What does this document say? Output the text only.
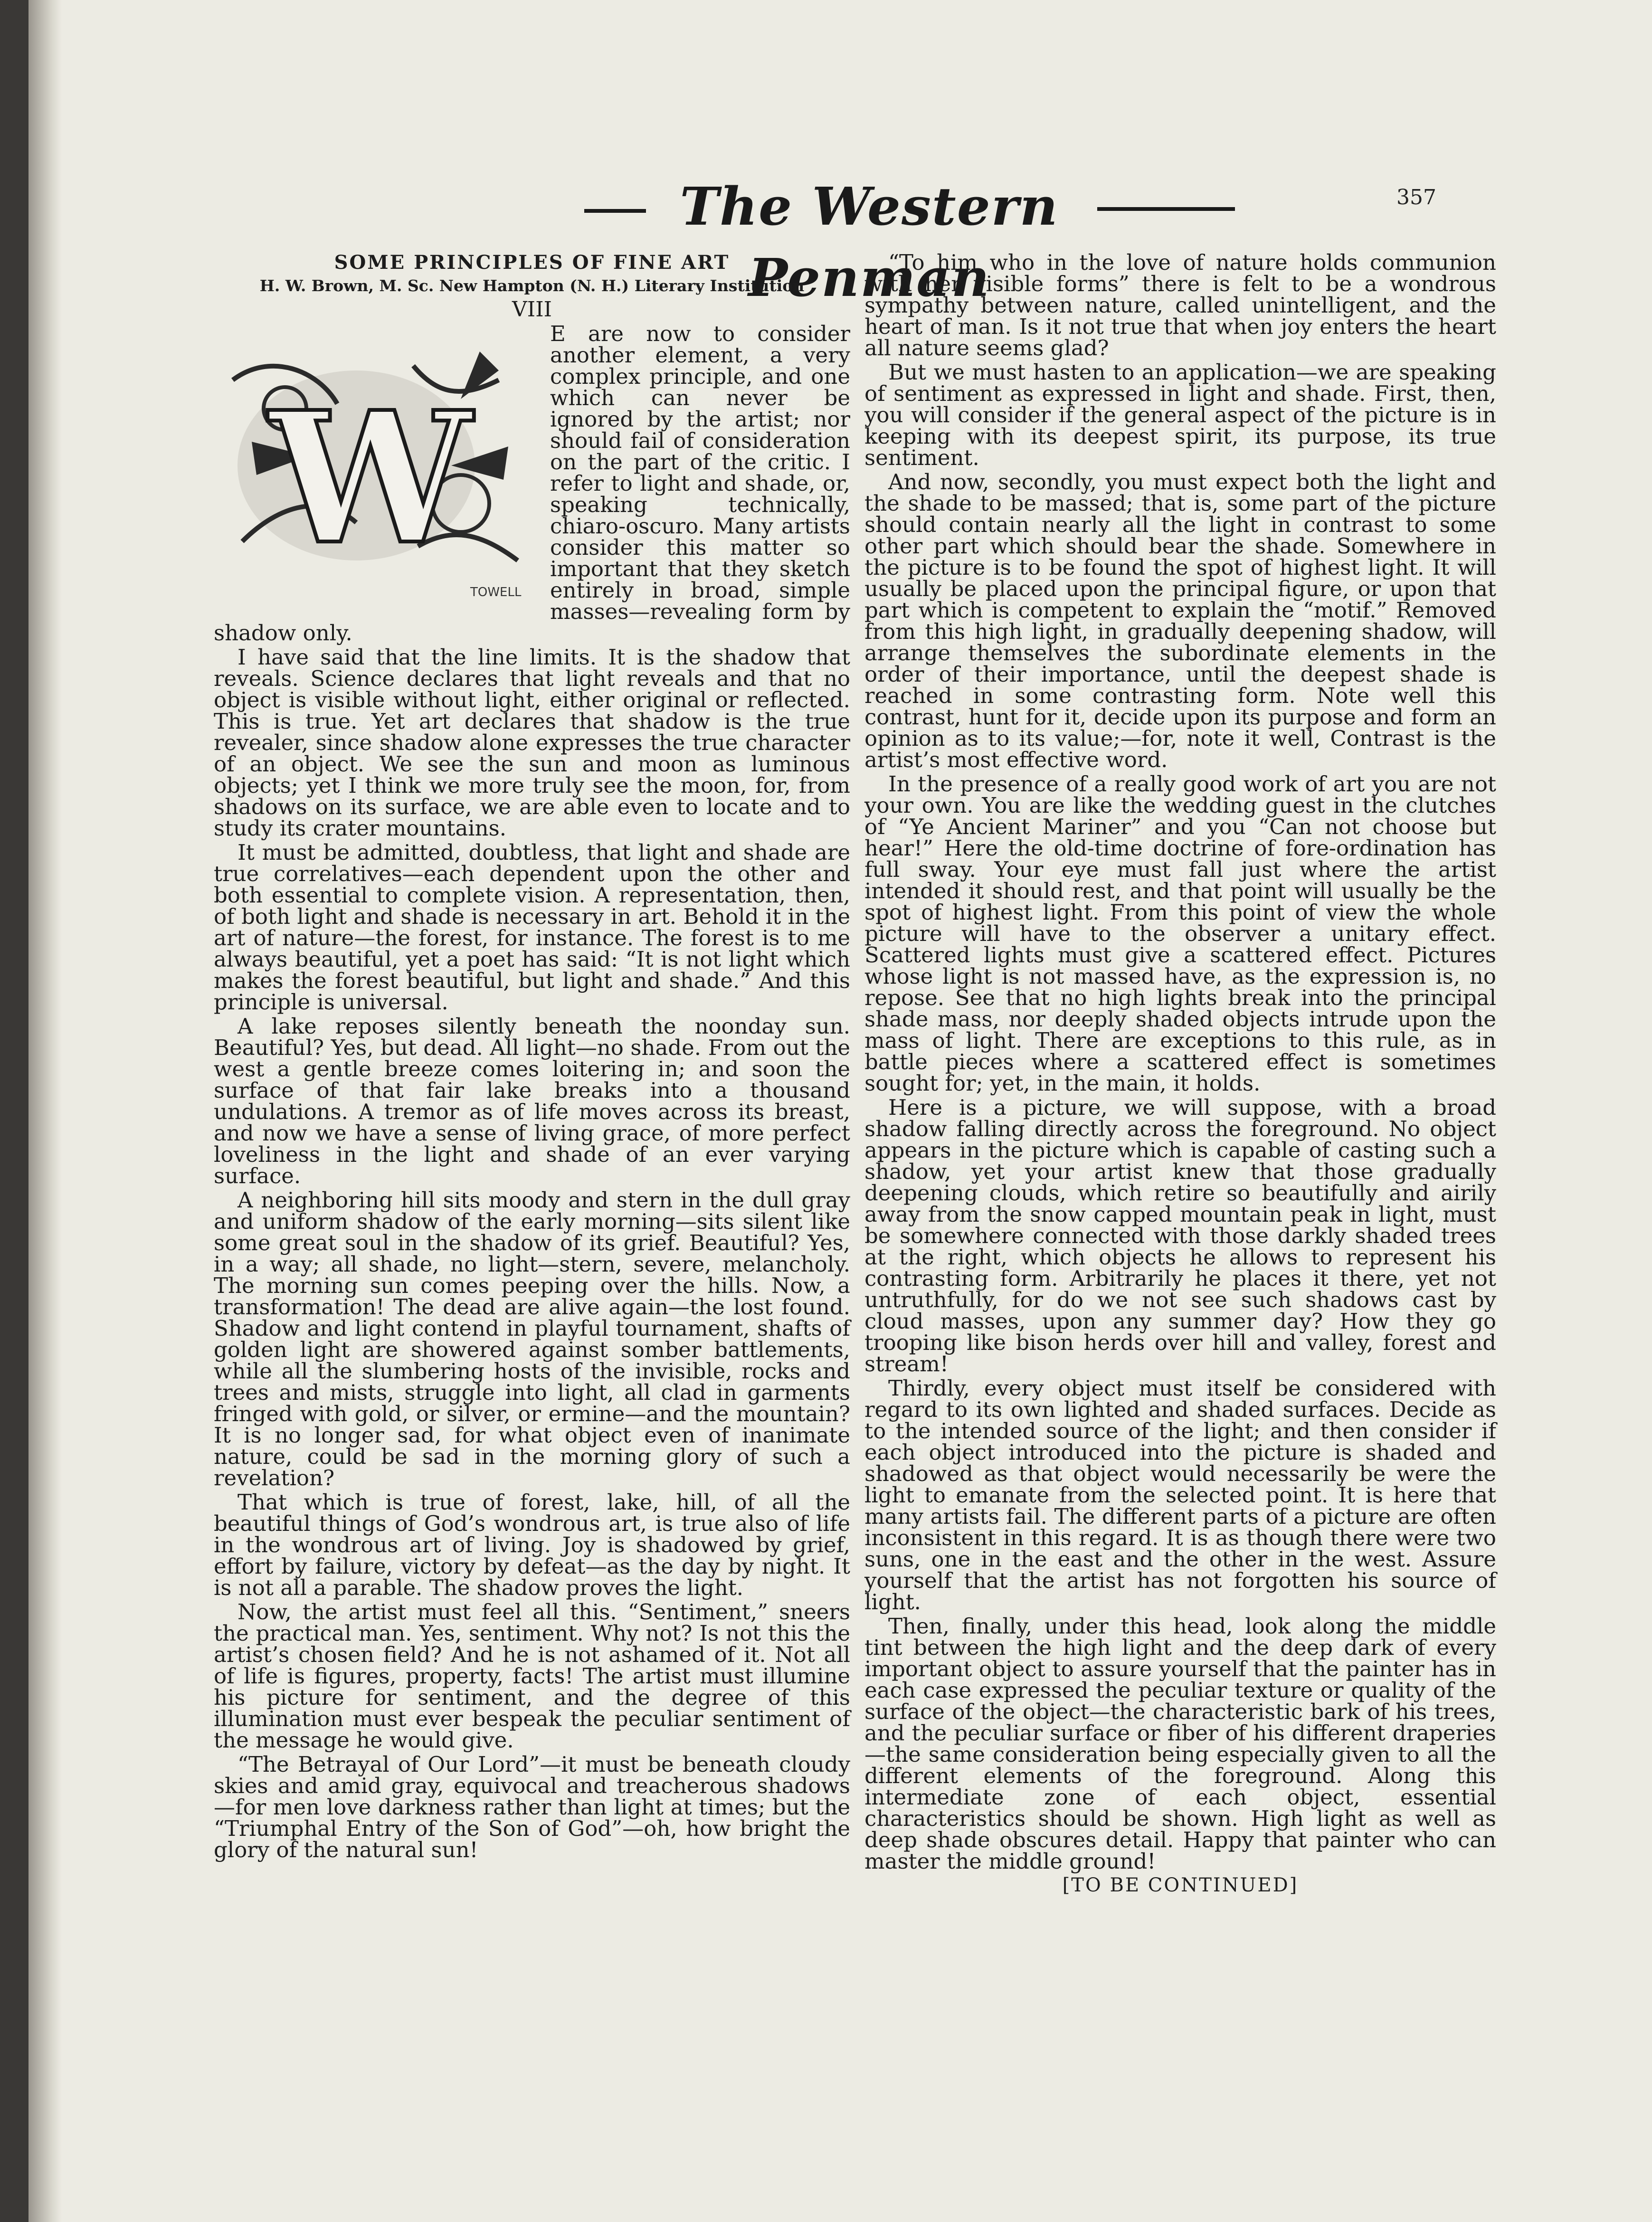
The Western Penman
357

SOME PRINCIPLES OF FINE ART

H. W. Brown, M. Sc. New Hampton (N. H.) Literary Institution

VIII

W
TOWELL

E are now to consider another element, a very complex principle, and one which can never be ignored by the artist; nor should fail of consideration on the part of the critic. I refer to light and shade, or, speaking technically, chiaro-oscuro. Many artists consider this matter so important that they sketch entirely in broad, simple masses—revealing form by shadow only.

I have said that the line limits. It is the shadow that reveals. Science declares that light reveals and that no object is visible without light, either original or reflected. This is true. Yet art declares that shadow is the true revealer, since shadow alone expresses the true character of an object. We see the sun and moon as luminous objects; yet I think we more truly see the moon, for, from shadows on its surface, we are able even to locate and to study its crater mountains.

It must be admitted, doubtless, that light and shade are true correlatives—each dependent upon the other and both essential to complete vision. A representation, then, of both light and shade is necessary in art. Behold it in the art of nature—the forest, for instance. The forest is to me always beautiful, yet a poet has said: “It is not light which makes the forest beautiful, but light and shade.” And this principle is universal.

A lake reposes silently beneath the noonday sun. Beautiful? Yes, but dead. All light—no shade. From out the west a gentle breeze comes loitering in; and soon the surface of that fair lake breaks into a thousand undulations. A tremor as of life moves across its breast, and now we have a sense of living grace, of more perfect loveliness in the light and shade of an ever varying surface.

A neighboring hill sits moody and stern in the dull gray and uniform shadow of the early morning—sits silent like some great soul in the shadow of its grief. Beautiful? Yes, in a way; all shade, no light—stern, severe, melancholy. The morning sun comes peeping over the hills. Now, a transformation! The dead are alive again—the lost found. Shadow and light contend in playful tournament, shafts of golden light are showered against somber battlements, while all the slumbering hosts of the invisible, rocks and trees and mists, struggle into light, all clad in garments fringed with gold, or silver, or ermine—and the mountain? It is no longer sad, for what object even of inanimate nature, could be sad in the morning glory of such a revelation?

That which is true of forest, lake, hill, of all the beautiful things of God’s wondrous art, is true also of life in the wondrous art of living. Joy is shadowed by grief, effort by failure, victory by defeat—as the day by night. It is not all a parable. The shadow proves the light.

Now, the artist must feel all this. “Sentiment,” sneers the practical man. Yes, sentiment. Why not? Is not this the artist’s chosen field? And he is not ashamed of it. Not all of life is figures, property, facts! The artist must illumine his picture for sentiment, and the degree of this illumination must ever bespeak the peculiar sentiment of the message he would give.

“The Betrayal of Our Lord”—it must be beneath cloudy skies and amid gray, equivocal and treacherous shadows—for men love darkness rather than light at times; but the “Triumphal Entry of the Son of God”—oh, how bright the glory of the natural sun!

“To him who in the love of nature holds communion with her visible forms” there is felt to be a wondrous sympathy between nature, called unintelligent, and the heart of man. Is it not true that when joy enters the heart all nature seems glad?

But we must hasten to an application—we are speaking of sentiment as expressed in light and shade. First, then, you will consider if the general aspect of the picture is in keeping with its deepest spirit, its purpose, its true sentiment.

And now, secondly, you must expect both the light and the shade to be massed; that is, some part of the picture should contain nearly all the light in contrast to some other part which should bear the shade. Somewhere in the picture is to be found the spot of highest light. It will usually be placed upon the principal figure, or upon that part which is competent to explain the “motif.” Removed from this high light, in gradually deepening shadow, will arrange themselves the subordinate elements in the order of their importance, until the deepest shade is reached in some contrasting form. Note well this contrast, hunt for it, decide upon its purpose and form an opinion as to its value;—for, note it well, Contrast is the artist’s most effective word.

In the presence of a really good work of art you are not your own. You are like the wedding guest in the clutches of “Ye Ancient Mariner” and you “Can not choose but hear!” Here the old-time doctrine of fore-ordination has full sway. Your eye must fall just where the artist intended it should rest, and that point will usually be the spot of highest light. From this point of view the whole picture will have to the observer a unitary effect. Scattered lights must give a scattered effect. Pictures whose light is not massed have, as the expression is, no repose. See that no high lights break into the principal shade mass, nor deeply shaded objects intrude upon the mass of light. There are exceptions to this rule, as in battle pieces where a scattered effect is sometimes sought for; yet, in the main, it holds.

Here is a picture, we will suppose, with a broad shadow falling directly across the foreground. No object appears in the picture which is capable of casting such a shadow, yet your artist knew that those gradually deepening clouds, which retire so beautifully and airily away from the snow capped mountain peak in light, must be somewhere connected with those darkly shaded trees at the right, which objects he allows to represent his contrasting form. Arbitrarily he places it there, yet not untruthfully, for do we not see such shadows cast by cloud masses, upon any summer day? How they go trooping like bison herds over hill and valley, forest and stream!

Thirdly, every object must itself be considered with regard to its own lighted and shaded surfaces. Decide as to the intended source of the light; and then consider if each object introduced into the picture is shaded and shadowed as that object would necessarily be were the light to emanate from the selected point. It is here that many artists fail. The different parts of a picture are often inconsistent in this regard. It is as though there were two suns, one in the east and the other in the west. Assure yourself that the artist has not forgotten his source of light.

Then, finally, under this head, look along the middle tint between the high light and the deep dark of every important object to assure yourself that the painter has in each case expressed the peculiar texture or quality of the surface of the object—the characteristic bark of his trees, and the peculiar surface or fiber of his different draperies—the same consideration being especially given to all the different elements of the foreground. Along this intermediate zone of each object, essential characteristics should be shown. High light as well as deep shade obscures detail. Happy that painter who can master the middle ground!

[TO BE CONTINUED]
